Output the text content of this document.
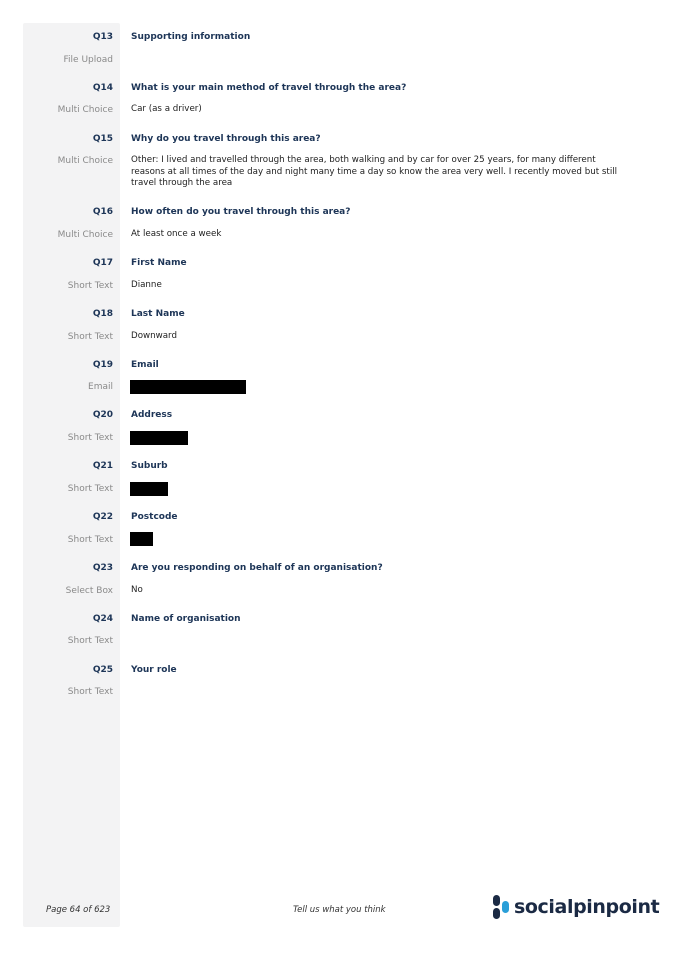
Q13 Supporting information
File Upload
Q14 What is your main method of travel through the area?
Multi Choice Car (as a driver)
Q15 Why do you travel through this area?
Multi Choice Other: I lived and travelled through the area, both walking and by car for over 25 years, for many different reasons at all times of the day and night many time a day so know the area very well. I recently moved but still travel through the area
Q16 How often do you travel through this area?
Multi Choice At least once a week
Q17 First Name
Short Text Dianne
Q18 Last Name
Short Text Downward
Q19 Email
Email
Q20 Address
Short Text
Q21 Suburb
Short Text
Q22 Postcode
Short Text
Q23 Are you responding on behalf of an organisation?
Select Box No
Q24 Name of organisation
Short Text
Q25 Your role
Short Text
Page 64 of 623	Tell us what you think	socialpinpoint
